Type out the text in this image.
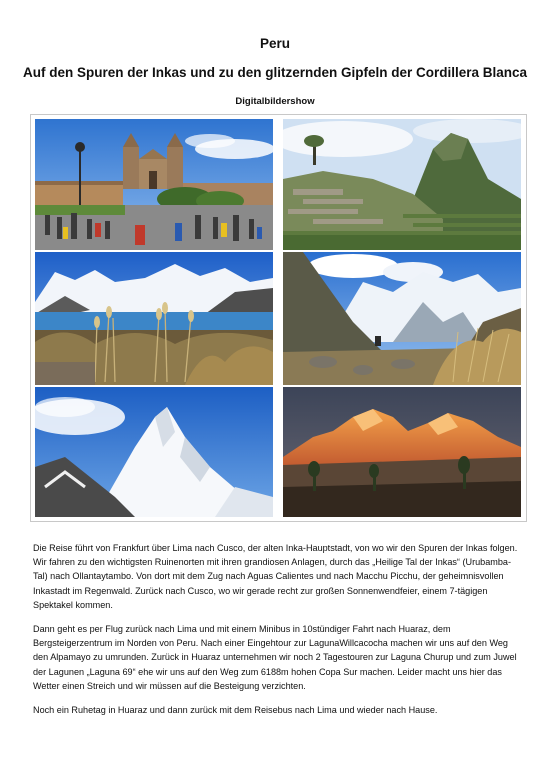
Peru
Auf den Spuren der Inkas und zu den glitzernden Gipfeln der Cordillera Blanca
Digitalbildershow

Die Reise führt von Frankfurt über Lima nach Cusco, der alten Inka-Hauptstadt, von wo wir den Spuren der Inkas folgen. Wir fahren zu den wichtigsten Ruinenorten mit ihren grandiosen Anlagen, durch das „Heilige Tal der Inkas“ (Urubamba-Tal) nach Ollantaytambo. Von dort mit dem Zug nach Aguas Calientes und nach Macchu Picchu, der geheimnisvollen Inkastadt im Regenwald. Zurück nach Cusco, wo wir gerade recht zur großen Sonnenwendfeier, einem 7-tägigen Spektakel kommen.

Dann geht es per Flug zurück nach Lima und mit einem Minibus in 10stündiger Fahrt nach Huaraz, dem Bergsteigerzentrum im Norden von Peru. Nach einer Eingehtour zur LagunaWillcacocha machen wir uns auf den Weg den Alpamayo zu umrunden. Zurück in Huaraz unternehmen wir noch 2 Tagestouren zur Laguna Churup und zum Juwel der Lagunen „Laguna 69“ ehe wir uns auf den Weg zum 6188m hohen Copa Sur machen. Leider macht uns hier das Wetter einen Streich und wir müssen auf die Besteigung verzichten.

Noch ein Ruhetag in Huaraz und dann zurück mit dem Reisebus nach Lima und wieder nach Hause.
